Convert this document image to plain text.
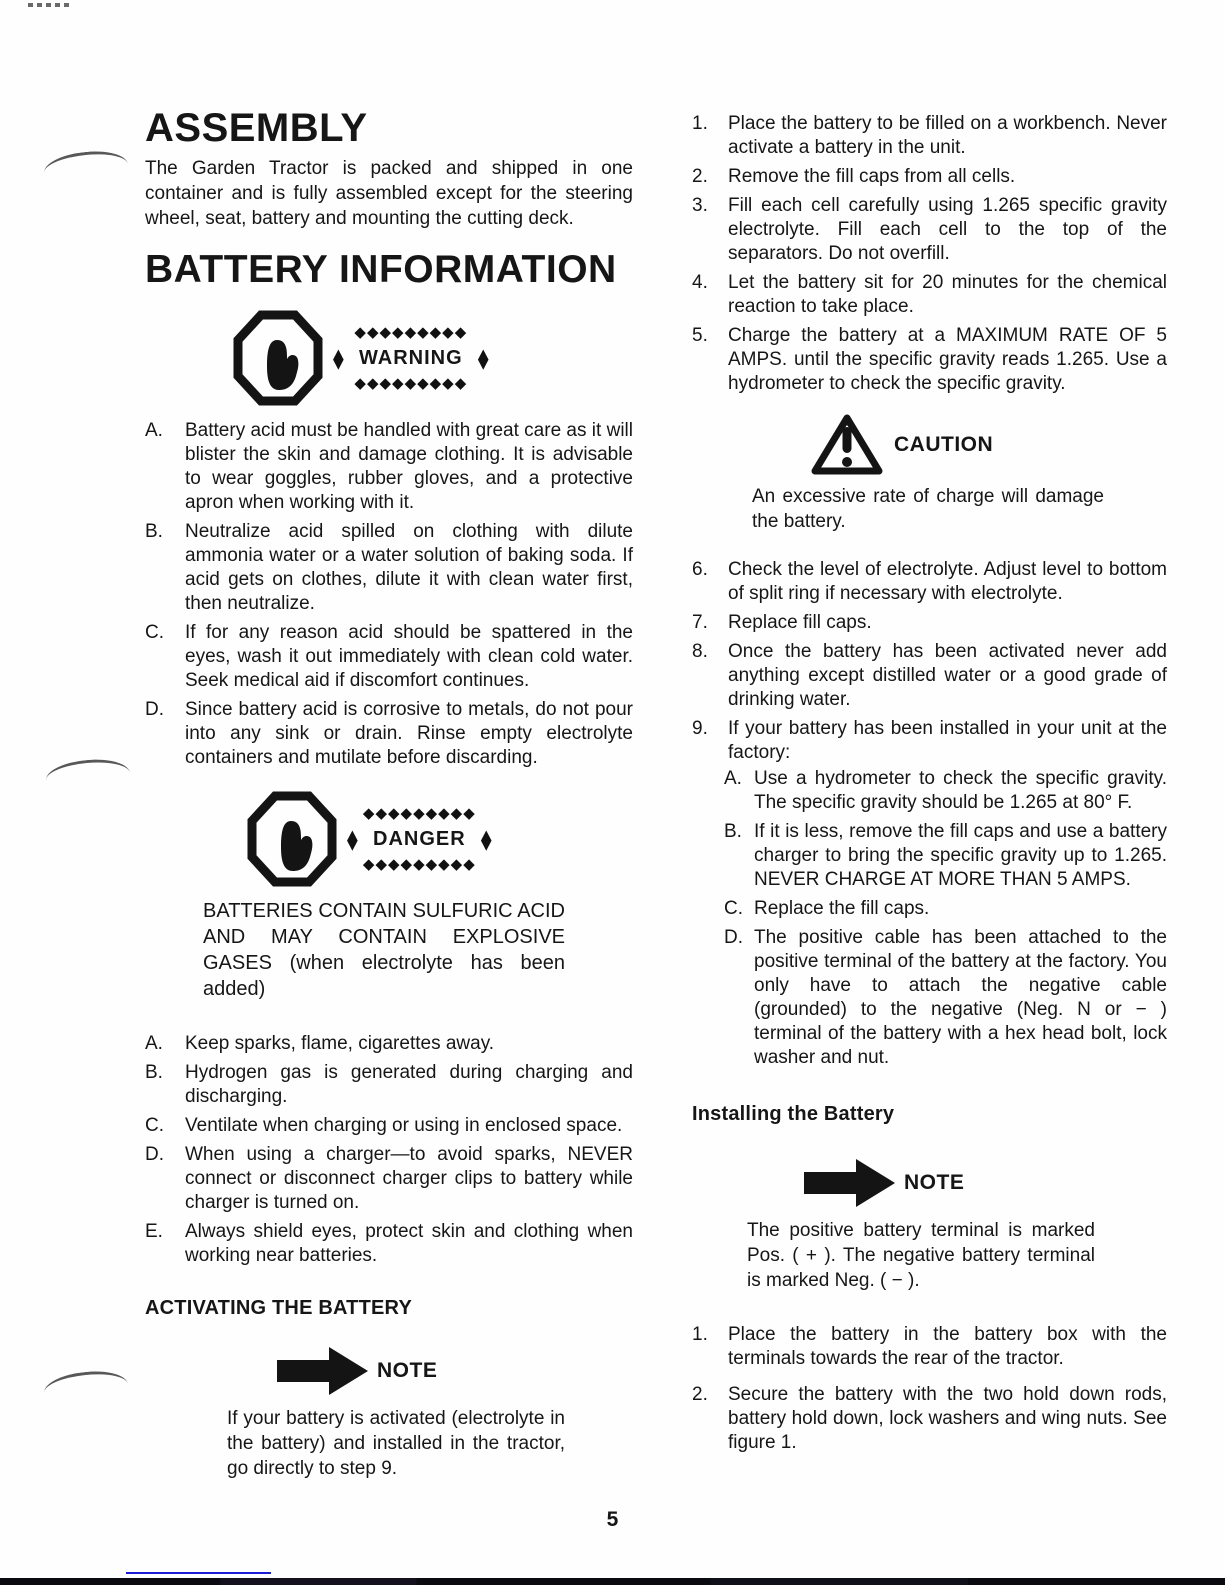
ASSEMBLY

The Garden Tractor is packed and shipped in one container and is fully assembled except for the steering wheel, seat, battery and mounting the cutting deck.

BATTERY INFORMATION
◆◆◆◆◆◆◆◆◆ ◆ WARNING ◆
◆◆◆◆◆◆◆◆◆
A.	Battery acid must be handled with great care as it will blister the skin and damage clothing. It is advisable to wear goggles, rubber gloves, and a protective apron when working with it.
B.	Neutralize acid spilled on clothing with dilute ammonia water or a water solution of baking soda. If acid gets on clothes, dilute it with clean water first, then neutralize.
C.	If for any reason acid should be spattered in the eyes, wash it out immediately with clean cold water. Seek medical aid if discomfort continues.
D.	Since battery acid is corrosive to metals, do not pour into any sink or drain. Rinse empty electrolyte containers and mutilate before discarding.
◆◆◆◆◆◆◆◆◆ ◆ DANGER ◆
◆◆◆◆◆◆◆◆◆

BATTERIES CONTAIN SULFURIC ACID AND MAY CONTAIN EXPLOSIVE GASES (when electrolyte has been added)

A.	Keep sparks, flame, cigarettes away.
B.	Hydrogen gas is generated during charging and discharging.
C.	Ventilate when charging or using in enclosed space.
D.	When using a charger—to avoid sparks, NEVER connect or disconnect charger clips to battery while charger is turned on.
E.	Always shield eyes, protect skin and clothing when working near batteries.
ACTIVATING THE BATTERY
NOTE

If your battery is activated (electrolyte in the battery) and installed in the tractor, go directly to step 9.

1.	Place the battery to be filled on a workbench. Never activate a battery in the unit.
2.	Remove the fill caps from all cells.
3.	Fill each cell carefully using 1.265 specific gravity electrolyte. Fill each cell to the top of the separators. Do not overfill.
4.	Let the battery sit for 20 minutes for the chemical reaction to take place.
5.	Charge the battery at a MAXIMUM RATE OF 5 AMPS. until the specific gravity reads 1.265. Use a hydrometer to check the specific gravity.
CAUTION

An excessive rate of charge will damage the battery.

6.	Check the level of electrolyte. Adjust level to bottom of split ring if necessary with electrolyte.
7.	Replace fill caps.
8.	Once the battery has been activated never add anything except distilled water or a good grade of drinking water.
9.	If your battery has been installed in your unit at the factory:
A. Use a hydrometer to check the specific gravity. The specific gravity should be 1.265 at 80° F.
B. If it is less, remove the fill caps and use a battery charger to bring the specific gravity up to 1.265. NEVER CHARGE AT MORE THAN 5 AMPS.
C. Replace the fill caps.
D. The positive cable has been attached to the positive terminal of the battery at the factory. You only have to attach the negative cable (grounded) to the negative (Neg. N or − ) terminal of the battery with a hex head bolt, lock washer and nut.
Installing the Battery
NOTE

The positive battery terminal is marked Pos. ( + ). The negative battery terminal is marked Neg. ( − ).

1.	Place the battery in the battery box with the terminals towards the rear of the tractor.
2.	Secure the battery with the two hold down rods, battery hold down, lock washers and wing nuts. See figure 1.
5
